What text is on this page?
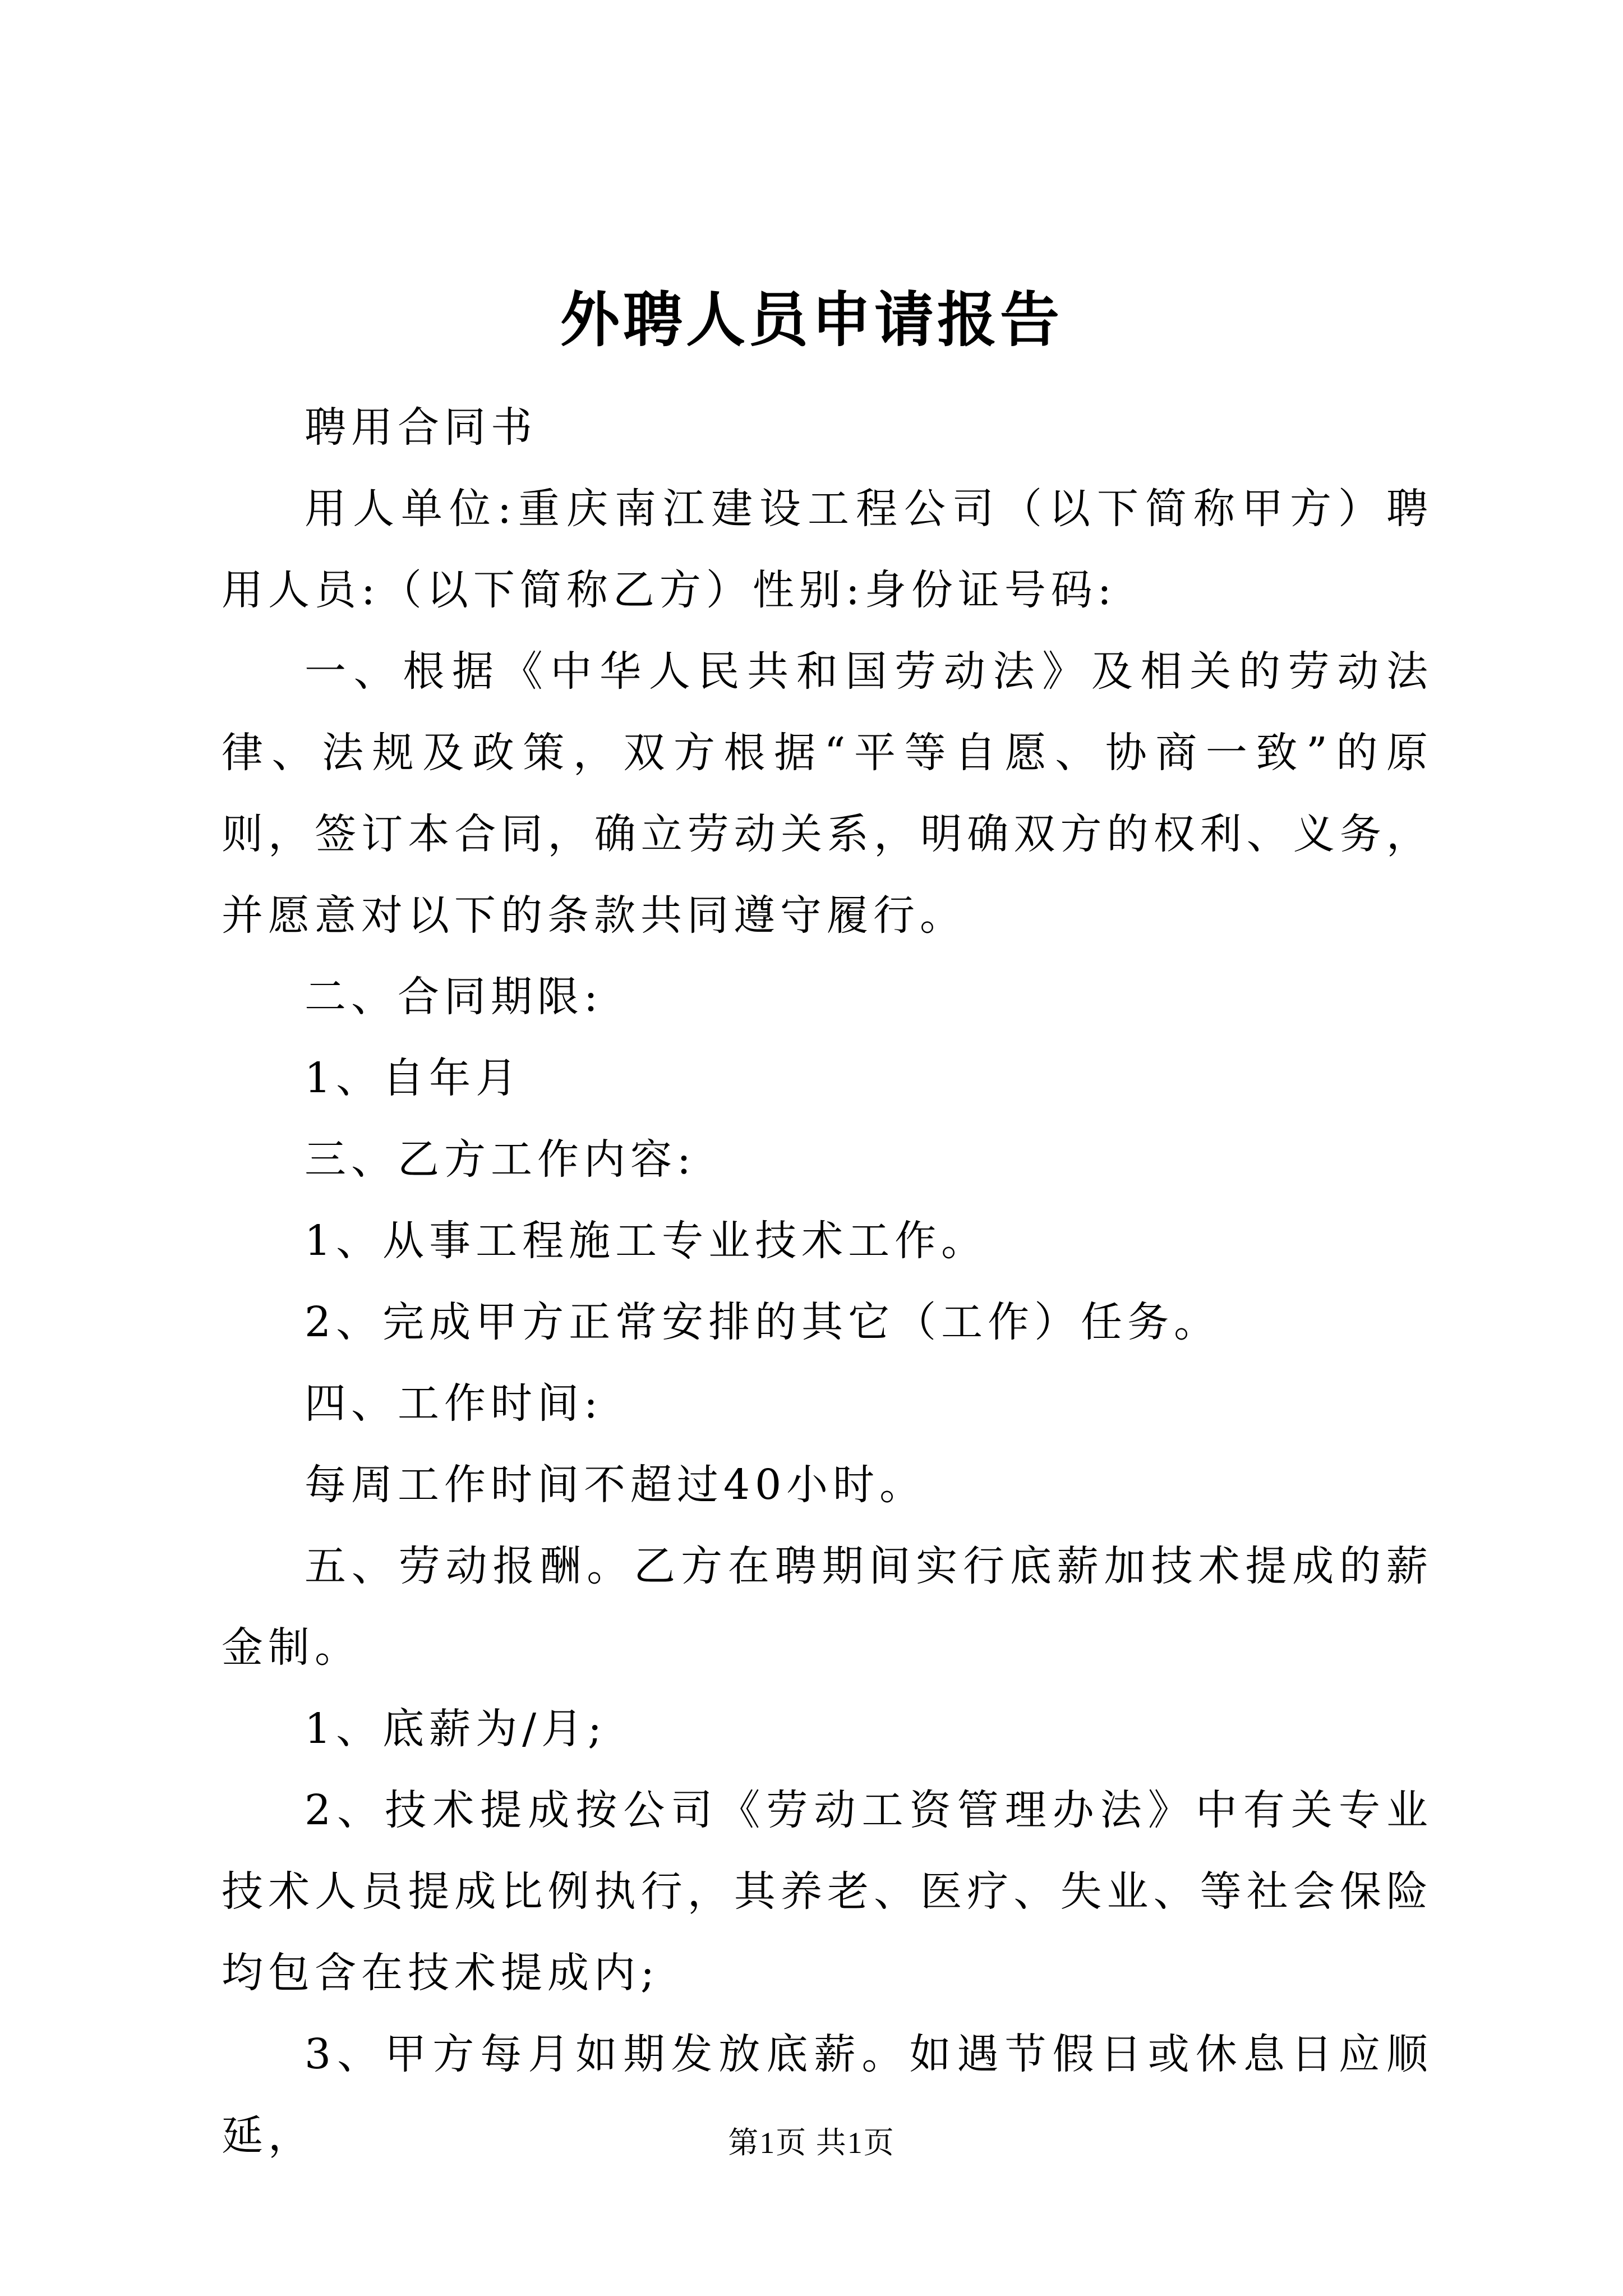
外聘人员申请报告

聘用合同书

用人单位:重庆南江建设工程公司（以下简称甲方）聘用人员:（以下简称乙方）性别:身份证号码:

一、根据《中华人民共和国劳动法》及相关的劳动法律、法规及政策，双方根据“平等自愿、协商一致”的原则，签订本合同，确立劳动关系，明确双方的权利、义务，并愿意对以下的条款共同遵守履行。

二、合同期限:

1、自年月

三、乙方工作内容:

1、从事工程施工专业技术工作。

2、完成甲方正常安排的其它（工作）任务。

四、工作时间:

每周工作时间不超过40小时。

五、劳动报酬。乙方在聘期间实行底薪加技术提成的薪金制。

1、底薪为/月;

2、技术提成按公司《劳动工资管理办法》中有关专业技术人员提成比例执行，其养老、医疗、失业、等社会保险均包含在技术提成内;

3、甲方每月如期发放底薪。如遇节假日或休息日应顺延，	第1页 共1页
